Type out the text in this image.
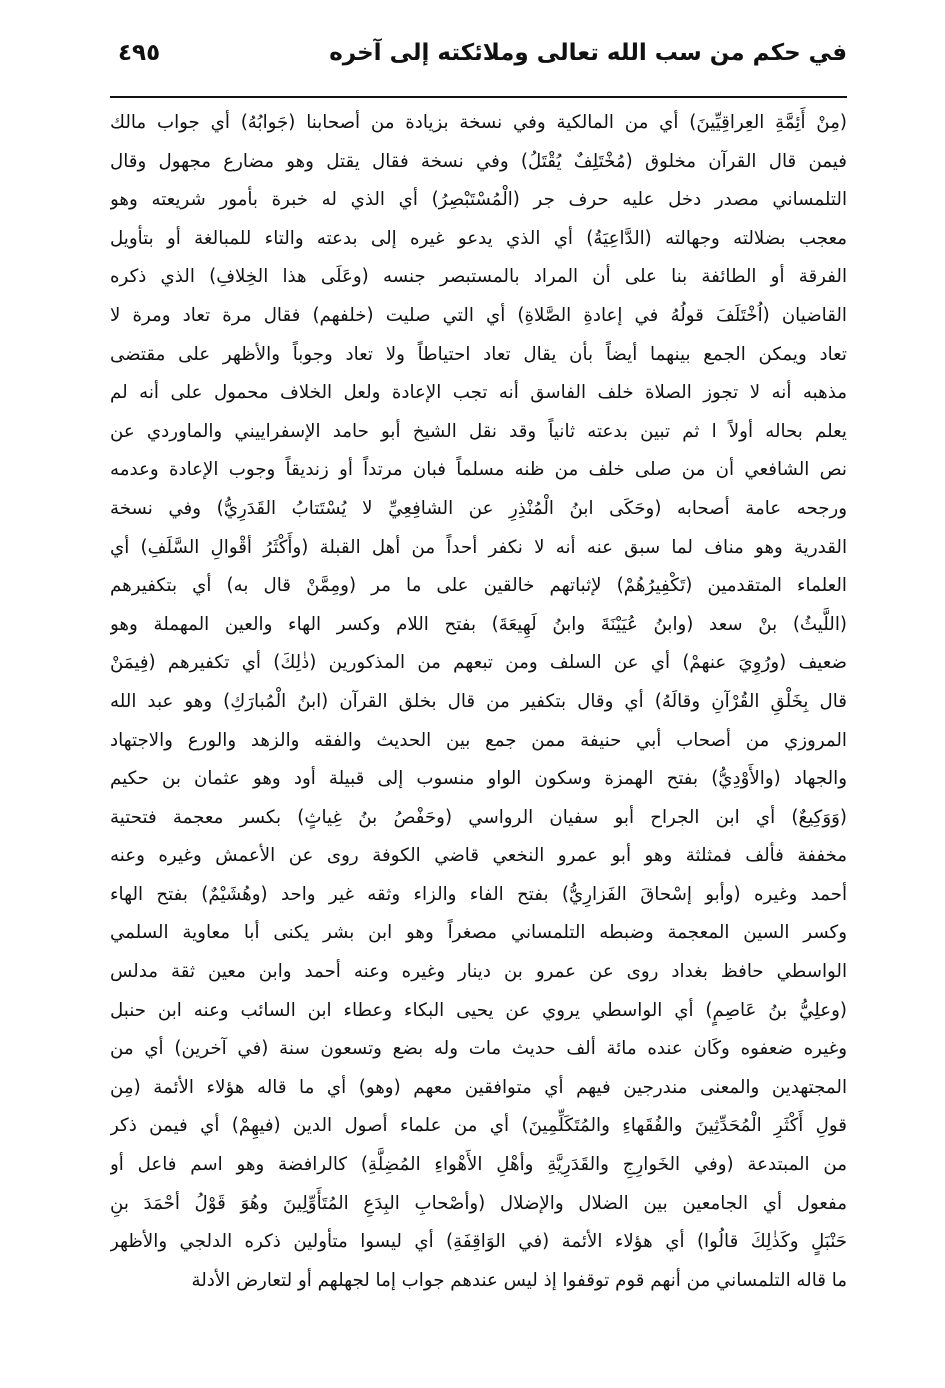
في حكم من سب الله تعالى وملائكته إلى آخره
٤٩٥
(مِنْ أَئِمَّةِ العِراقِيِّينَ) أي من المالكية وفي نسخة بزيادة من أصحابنا (جَوابُهُ) أي جواب مالك
فيمن قال القرآن مخلوق (مُخْتَلِفٌ يُقْتَلُ) وفي نسخة فقال يقتل وهو مضارع مجهول وقال
التلمساني مصدر دخل عليه حرف جر (الْمُسْتَبْصِرُ) أي الذي له خبرة بأمور شريعته وهو
معجب بضلالته وجهالته (الدَّاعِيَةُ) أي الذي يدعو غيره إلى بدعته والتاء للمبالغة أو بتأويل
الفرقة أو الطائفة بنا على أن المراد بالمستبصر جنسه (وعَلَى هذا الخِلافِ) الذي ذكره
القاضيان (اُخْتَلَفَ قولُهُ في إعادةِ الصَّلاةِ) أي التي صليت (خلفهم) فقال مرة تعاد ومرة لا
تعاد ويمكن الجمع بينهما أيضاً بأن يقال تعاد احتياطاً ولا تعاد وجوباً والأظهر على مقتضى
مذهبه أنه لا تجوز الصلاة خلف الفاسق أنه تجب الإعادة ولعل الخلاف محمول على أنه لم
يعلم بحاله أولاً ا ثم تبين بدعته ثانياً وقد نقل الشيخ أبو حامد الإسفراييني والماوردي عن
نص الشافعي أن من صلى خلف من ظنه مسلماً فبان مرتداً أو زنديقاً وجوب الإعادة وعدمه
ورجحه عامة أصحابه (وحَكَى ابنُ الْمُنْذِرِ عن الشافِعِيِّ لا يُسْتَتابُ القَدَرِيُّ) وفي نسخة
القدرية وهو مناف لما سبق عنه أنه لا نكفر أحداً من أهل القبلة (وأَكْثَرُ أقْوالِ السَّلَفِ) أي
العلماء المتقدمين (تَكْفِيرُهُمْ) لإثباتهم خالقين على ما مر (ومِمَّنْ قال به) أي بتكفيرهم
(اللَّيثُ) بنْ سعد (وابنُ عُيَيْنَةَ وابنُ لَهِيعَةَ) بفتح اللام وكسر الهاء والعين المهملة وهو
ضعيف (ورُوِيَ عنهمْ) أي عن السلف ومن تبعهم من المذكورين (ذٰلِكَ) أي تكفيرهم (فِيمَنْ
قال بِخَلْقِ القُرْآنِ وقالَهُ) أي وقال بتكفير من قال بخلق القرآن (ابنُ الْمُبارَكِ) وهو عبد الله
المروزي من أصحاب أبي حنيفة ممن جمع بين الحديث والفقه والزهد والورع والاجتهاد
والجهاد (والأَوْدِيُّ) بفتح الهمزة وسكون الواو منسوب إلى قبيلة أود وهو عثمان بن حكيم
(وَوَكِيعٌ) أي ابن الجراح أبو سفيان الرواسي (وحَفْصُ بنُ غِياثٍ) بكسر معجمة فتحتية
مخففة فألف فمثلثة وهو أبو عمرو النخعي قاضي الكوفة روى عن الأعمش وغيره وعنه
أحمد وغيره (وأبو إسْحاقَ الفَزارِيُّ) بفتح الفاء والزاء وثقه غير واحد (وهُشَيْمٌ) بفتح الهاء
وكسر السين المعجمة وضبطه التلمساني مصغراً وهو ابن بشر يكنى أبا معاوية السلمي
الواسطي حافظ بغداد روى عن عمرو بن دينار وغيره وعنه أحمد وابن معين ثقة مدلس
(وعلِيُّ بنُ عَاصِمٍ) أي الواسطي يروي عن يحيى البكاء وعطاء ابن السائب وعنه ابن حنبل
وغيره ضعفوه وكَان عنده مائة ألف حديث مات وله بضع وتسعون سنة (في آخرين) أي من
المجتهدين والمعنى مندرجين فيهم أي متوافقين معهم (وهو) أي ما قاله هؤلاء الأئمة (مِن
قولِ أَكْثَرِ الْمُحَدِّثِينَ والفُقَهاءِ والمُتَكَلِّمِينَ) أي من علماء أصول الدين (فيهِمْ) أي فيمن ذكر
من المبتدعة (وفي الخَوارِجِ والقَدَرِيَّةِ وأهْلِ الأَهْواءِ المُضِلَّةِ) كالرافضة وهو اسم فاعل أو
مفعول أي الجامعين بين الضلال والإضلال (وأصْحابِ البِدَعِ المُتَأَوِّلِينَ وهُوَ قَوْلُ أحْمَدَ بنِ
حَنْبَلٍ وكَذٰلِكَ قالُوا) أي هؤلاء الأئمة (في الوَاقِفَةِ) أي ليسوا متأولين ذكره الدلجي والأظهر
ما قاله التلمساني من أنهم قوم توقفوا إذ ليس عندهم جواب إما لجهلهم أو لتعارض الأدلة
